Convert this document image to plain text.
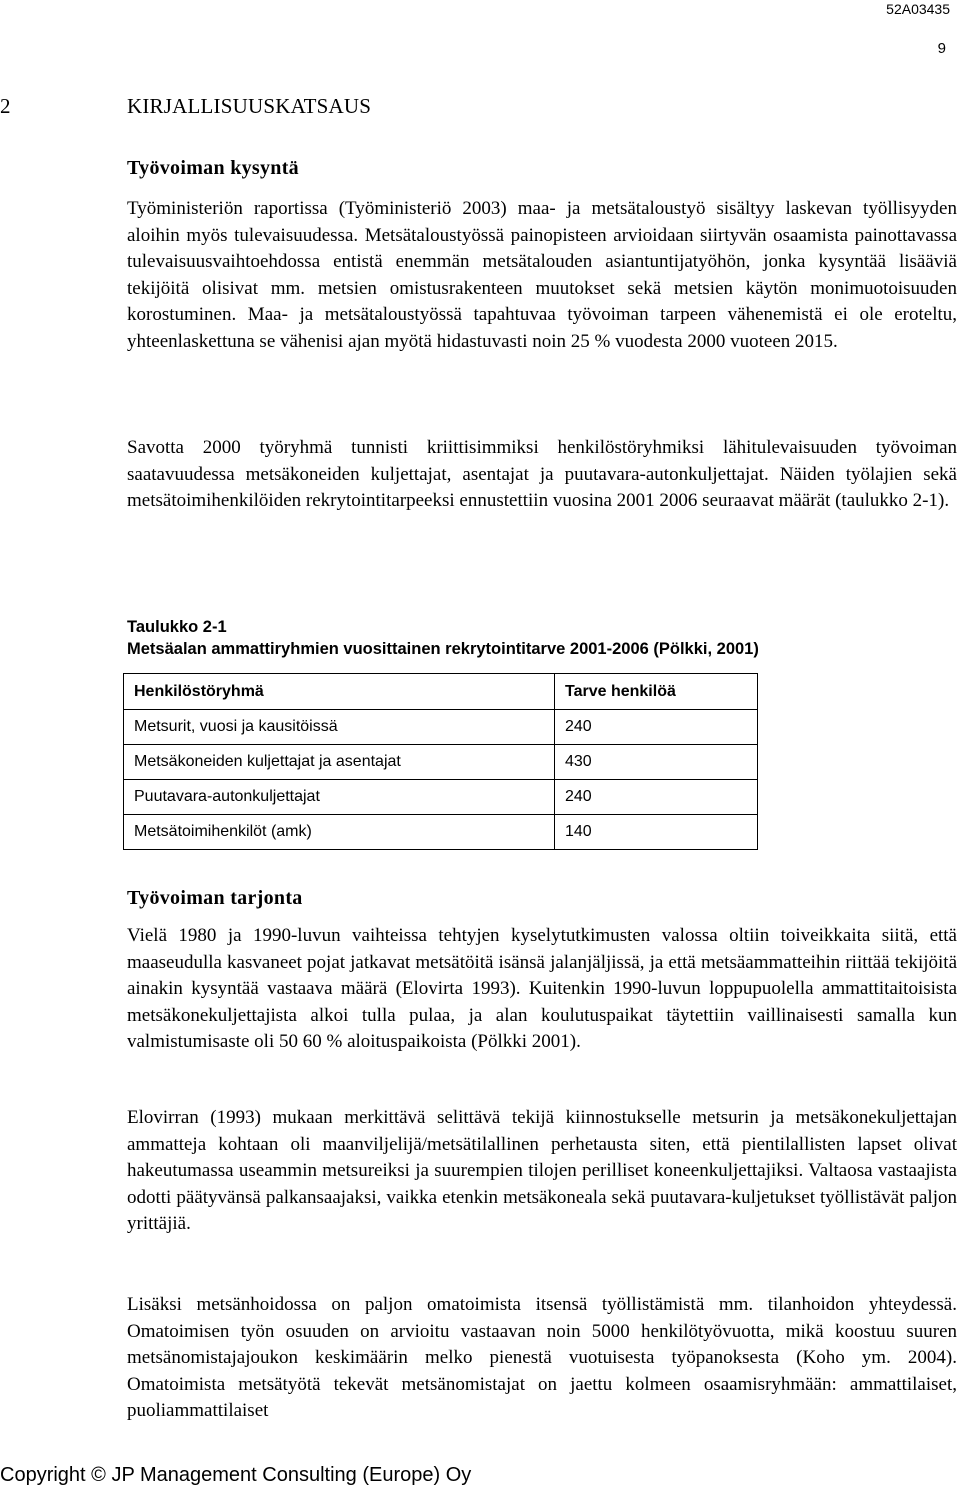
52A03435
9
2	KIRJALLISUUSKATSAUS
Työvoiman kysyntä

Työministeriön raportissa (Työministeriö 2003) maa- ja metsätaloustyö sisältyy laskevan työllisyyden aloihin myös tulevaisuudessa. Metsätaloustyössä painopisteen arvioidaan siirtyvän osaamista painottavassa tulevaisuusvaihtoehdossa entistä enemmän metsätalouden asiantuntijatyöhön, jonka kysyntää lisääviä tekijöitä olisivat mm. metsien omistusrakenteen muutokset sekä metsien käytön monimuotoisuuden korostuminen. Maa- ja metsätaloustyössä tapahtuvaa työvoiman tarpeen vähenemistä ei ole eroteltu, yhteenlaskettuna se vähenisi ajan myötä hidastuvasti noin 25 % vuodesta 2000 vuoteen 2015.

Savotta 2000 työryhmä tunnisti kriittisimmiksi henkilöstöryhmiksi lähitulevaisuuden työvoiman saatavuudessa metsäkoneiden kuljettajat, asentajat ja puutavara-autonkuljettajat. Näiden työlajien sekä metsätoimihenkilöiden rekrytointitarpeeksi ennustettiin vuosina 2001 2006 seuraavat määrät (taulukko 2-1).

Taulukko 2-1
Metsäalan ammattiryhmien vuosittainen rekrytointitarve 2001-2006 (Pölkki, 2001)
Henkilöstöryhmä	Tarve henkilöä
Metsurit, vuosi ja kausitöissä	240
Metsäkoneiden kuljettajat ja asentajat	430
Puutavara-autonkuljettajat	240
Metsätoimihenkilöt (amk)	140
Työvoiman tarjonta

Vielä 1980 ja 1990-luvun vaihteissa tehtyjen kyselytutkimusten valossa oltiin toiveikkaita siitä, että maaseudulla kasvaneet pojat jatkavat metsätöitä isänsä jalanjäljissä, ja että metsäammatteihin riittää tekijöitä ainakin kysyntää vastaava määrä (Elovirta 1993). Kuitenkin 1990-luvun loppupuolella ammattitaitoisista metsäkonekuljettajista alkoi tulla pulaa, ja alan koulutuspaikat täytettiin vaillinaisesti samalla kun valmistumisaste oli 50 60 % aloituspaikoista (Pölkki 2001).

Elovirran (1993) mukaan merkittävä selittävä tekijä kiinnostukselle metsurin ja metsäkonekuljettajan ammatteja kohtaan oli maanviljelijä/metsätilallinen perhetausta siten, että pientilallisten lapset olivat hakeutumassa useammin metsureiksi ja suurempien tilojen perilliset koneenkuljettajiksi. Valtaosa vastaajista odotti päätyvänsä palkansaajaksi, vaikka etenkin metsäkoneala sekä puutavara-kuljetukset työllistävät paljon yrittäjiä.

Lisäksi metsänhoidossa on paljon omatoimista itsensä työllistämistä mm. tilanhoidon yhteydessä. Omatoimisen työn osuuden on arvioitu vastaavan noin 5000 henkilötyövuotta, mikä koostuu suuren metsänomistajajoukon keskimäärin melko pienestä vuotuisesta työpanoksesta (Koho ym. 2004). Omatoimista metsätyötä tekevät metsänomistajat on jaettu kolmeen osaamisryhmään: ammattilaiset, puoliammattilaiset

Copyright © JP Management Consulting (Europe) Oy
